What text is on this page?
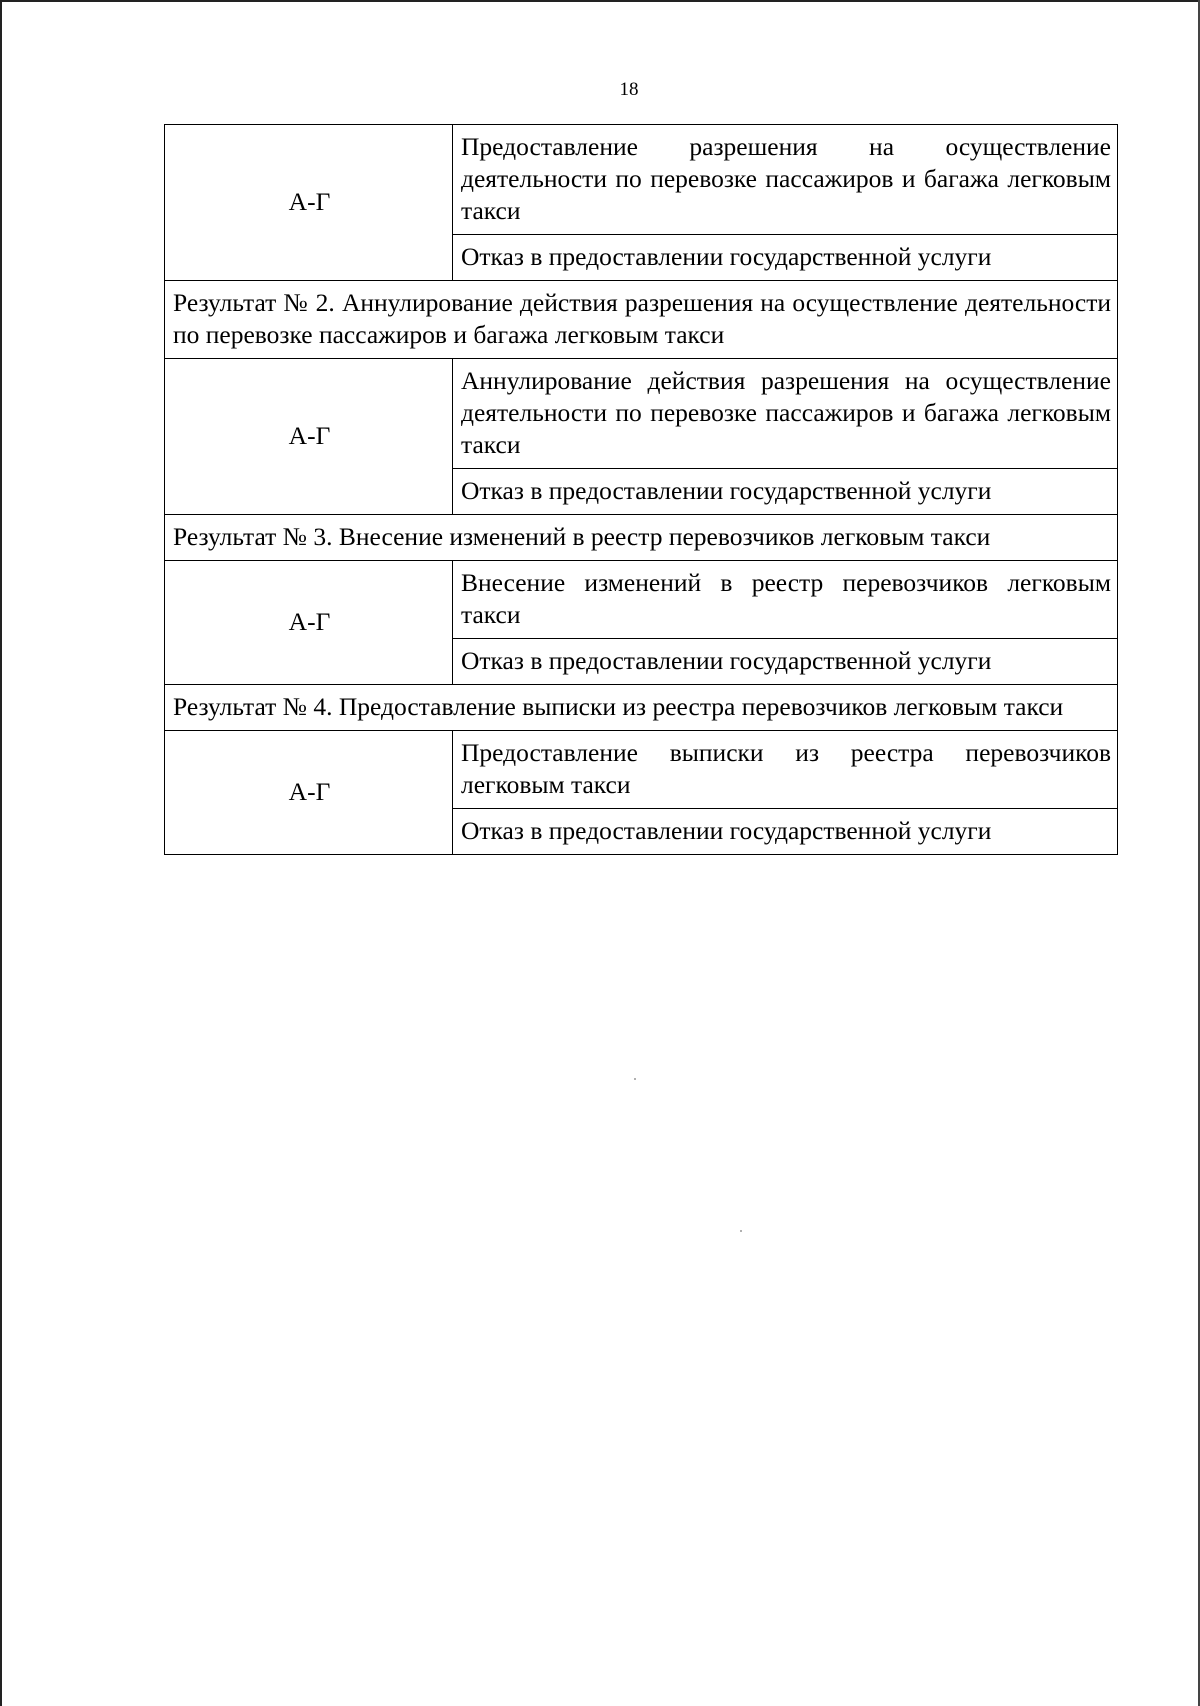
18
А-Г	Предоставление разрешения на осуществление деятельности по перевозке пассажиров и багажа легковым такси
	Отказ в предоставлении государственной услуги
Результат № 2. Аннулирование действия разрешения на осуществление деятельности по перевозке пассажиров и багажа легковым такси	
А-Г	Аннулирование действия разрешения на осуществление деятельности по перевозке пассажиров и багажа легковым такси
	Отказ в предоставлении государственной услуги
Результат № 3. Внесение изменений в реестр перевозчиков легковым такси	
А-Г	Внесение изменений в реестр перевозчиков легковым такси
	Отказ в предоставлении государственной услуги
Результат № 4. Предоставление выписки из реестра перевозчиков легковым такси	
А-Г	Предоставление выписки из реестра перевозчиков легковым такси
	Отказ в предоставлении государственной услуги
